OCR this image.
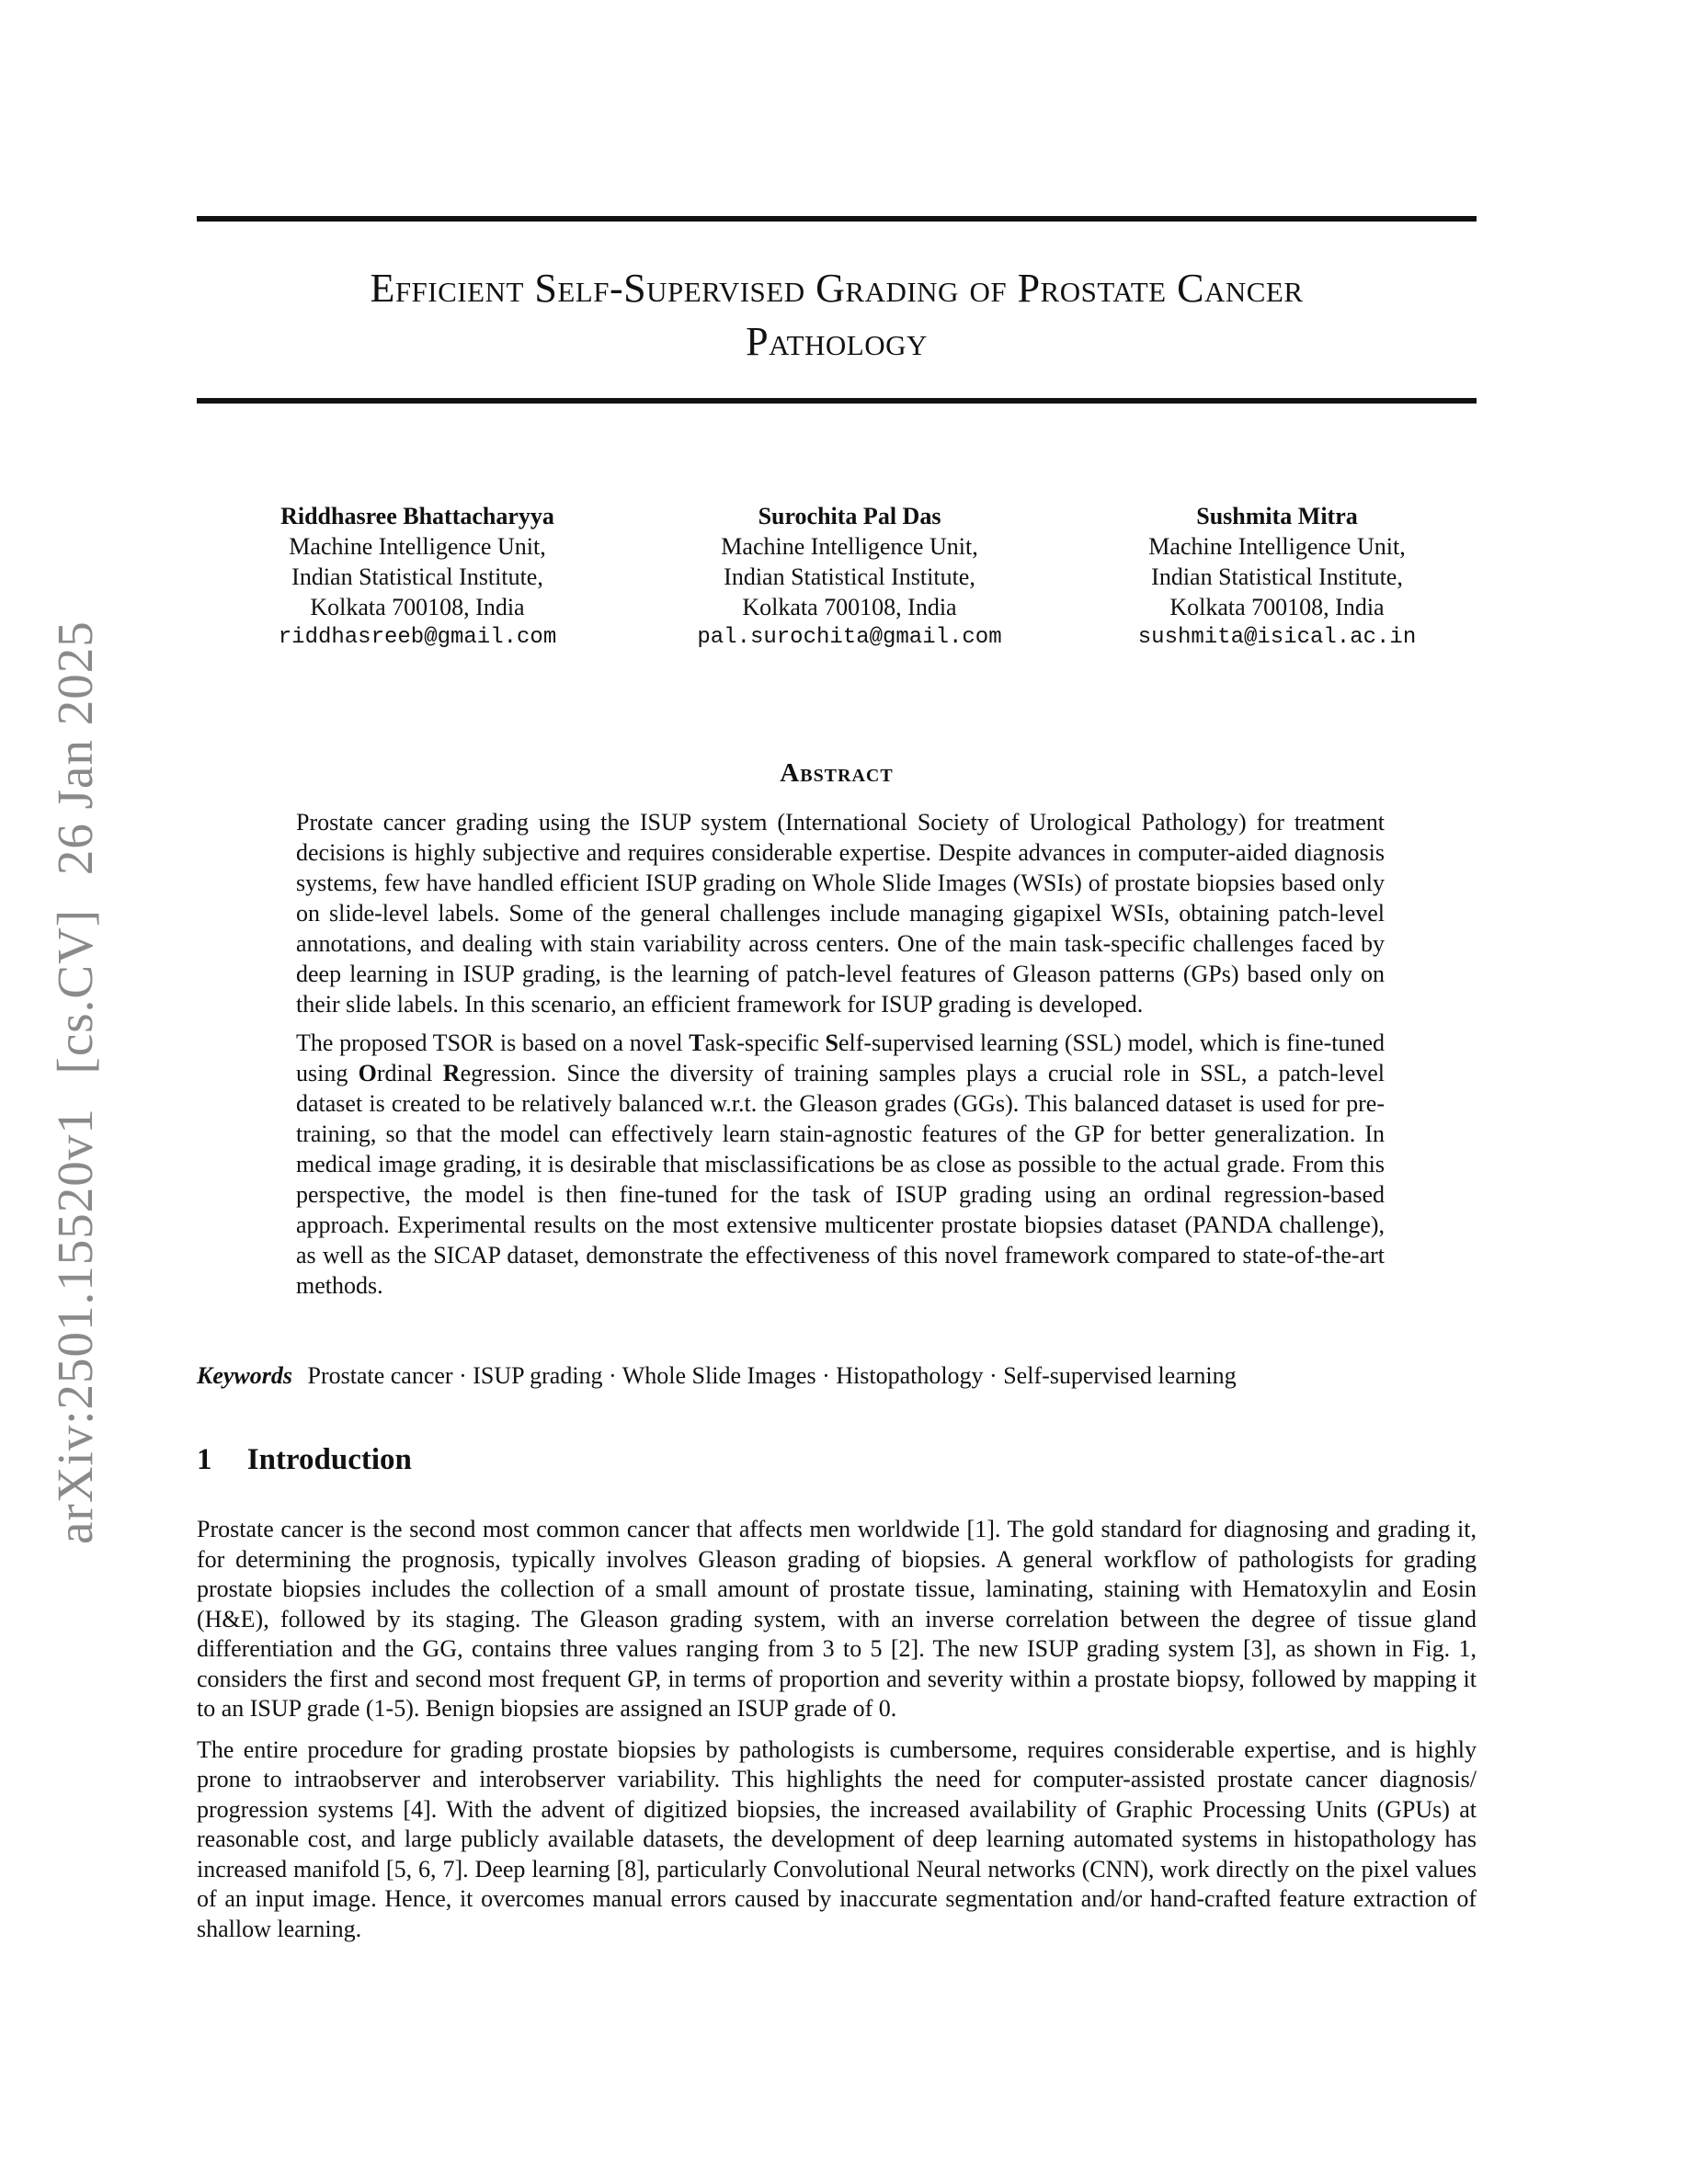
arXiv:2501.15520v1 [cs.CV] 26 Jan 2025
Efficient Self-Supervised Grading of Prostate Cancer
Pathology
Riddhasree Bhattacharyya
Machine Intelligence Unit,
Indian Statistical Institute,
Kolkata 700108, India
riddhasreeb@gmail.com
Surochita Pal Das
Machine Intelligence Unit,
Indian Statistical Institute,
Kolkata 700108, India
pal.surochita@gmail.com
Sushmita Mitra
Machine Intelligence Unit,
Indian Statistical Institute,
Kolkata 700108, India
sushmita@isical.ac.in
Abstract

Prostate cancer grading using the ISUP system (International Society of Urological Pathology) for treatment decisions is highly subjective and requires considerable expertise. Despite advances in computer-aided diagnosis systems, few have handled efficient ISUP grading on Whole Slide Images (WSIs) of prostate biopsies based only on slide-level labels. Some of the general challenges include managing gigapixel WSIs, obtaining patch-level annotations, and dealing with stain variability across centers. One of the main task-specific challenges faced by deep learning in ISUP grading, is the learning of patch-level features of Gleason patterns (GPs) based only on their slide labels. In this scenario, an efficient framework for ISUP grading is developed.

The proposed TSOR is based on a novel Task-specific Self-supervised learning (SSL) model, which is fine-tuned using Ordinal Regression. Since the diversity of training samples plays a crucial role in SSL, a patch-level dataset is created to be relatively balanced w.r.t. the Gleason grades (GGs). This balanced dataset is used for pre-training, so that the model can effectively learn stain-agnostic features of the GP for better generalization. In medical image grading, it is desirable that misclassifications be as close as possible to the actual grade. From this perspective, the model is then fine-tuned for the task of ISUP grading using an ordinal regression-based approach. Experimental results on the most extensive multicenter prostate biopsies dataset (PANDA challenge), as well as the SICAP dataset, demonstrate the effectiveness of this novel framework compared to state-of-the-art methods.

Keywords Prostate cancer · ISUP grading · Whole Slide Images · Histopathology · Self-supervised learning
1 Introduction

Prostate cancer is the second most common cancer that affects men worldwide [1]. The gold standard for diagnosing and grading it, for determining the prognosis, typically involves Gleason grading of biopsies. A general workflow of pathologists for grading prostate biopsies includes the collection of a small amount of prostate tissue, laminating, staining with Hematoxylin and Eosin (H&E), followed by its staging. The Gleason grading system, with an inverse correlation between the degree of tissue gland differentiation and the GG, contains three values ranging from 3 to 5 [2]. The new ISUP grading system [3], as shown in Fig. 1, considers the first and second most frequent GP, in terms of proportion and severity within a prostate biopsy, followed by mapping it to an ISUP grade (1-5). Benign biopsies are assigned an ISUP grade of 0.

The entire procedure for grading prostate biopsies by pathologists is cumbersome, requires considerable expertise, and is highly prone to intraobserver and interobserver variability. This highlights the need for computer-assisted prostate cancer diagnosis/ progression systems [4]. With the advent of digitized biopsies, the increased availability of Graphic Processing Units (GPUs) at reasonable cost, and large publicly available datasets, the development of deep learning automated systems in histopathology has increased manifold [5, 6, 7]. Deep learning [8], particularly Convolutional Neural networks (CNN), work directly on the pixel values of an input image. Hence, it overcomes manual errors caused by inaccurate segmentation and/or hand-crafted feature extraction of shallow learning.
